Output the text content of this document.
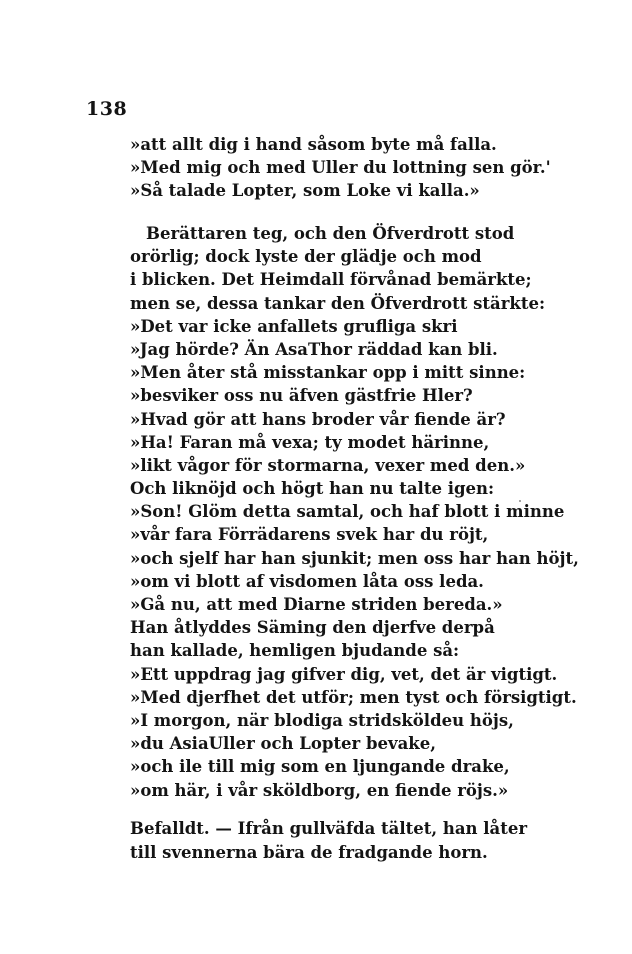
138
»att allt dig i hand såsom byte må falla.
»Med mig och med Uller du lottning sen gör.'
»Så talade Lopter, som Loke vi kalla.»
Berättaren teg, och den Öfverdrott stod
orörlig; dock lyste der glädje och mod
i blicken. Det Heimdall förvånad bemärkte;
men se, dessa tankar den Öfverdrott stärkte:
»Det var icke anfallets grufliga skri
»Jag hörde? Än AsaThor räddad kan bli.
»Men åter stå misstankar opp i mitt sinne:
»besviker oss nu äfven gästfrie Hler?
»Hvad gör att hans broder vår fiende är?
»Ha! Faran må vexa; ty modet härinne,
»likt vågor för stormarna, vexer med den.»
Och liknöjd och högt han nu talte igen:
»Son! Glöm detta samtal, och haf blott i minne
»vår fara Förrädarens svek har du röjt,
»och sjelf har han sjunkit; men oss har han höjt,
»om vi blott af visdomen låta oss leda.
»Gå nu, att med Diarne striden bereda.»
Han åtlyddes Säming den djerfve derpå
han kallade, hemligen bjudande så:
»Ett uppdrag jag gifver dig, vet, det är vigtigt.
»Med djerfhet det utför; men tyst och försigtigt.
»I morgon, när blodiga stridsköldeu höjs,
»du AsiaUller och Lopter bevake,
»och ile till mig som en ljungande drake,
»om här, i vår sköldborg, en fiende röjs.»
Befalldt. — Ifrån gullväfda tältet, han låter
till svennerna bära de fradgande horn.
